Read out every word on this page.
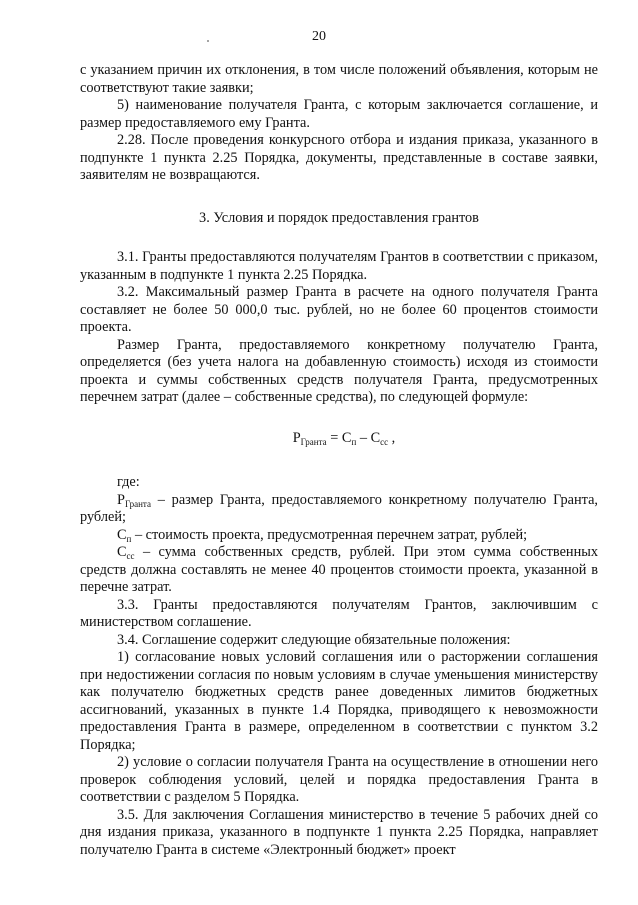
20

с указанием причин их отклонения, в том числе положений объявления, которым не соответствуют такие заявки;

5) наименование получателя Гранта, с которым заключается соглашение, и размер предоставляемого ему Гранта.

2.28. После проведения конкурсного отбора и издания приказа, указанного в подпункте 1 пункта 2.25 Порядка, документы, представленные в составе заявки, заявителям не возвращаются.

3. Условия и порядок предоставления грантов

3.1. Гранты предоставляются получателям Грантов в соответствии с приказом, указанным в подпункте 1 пункта 2.25 Порядка.

3.2. Максимальный размер Гранта в расчете на одного получателя Гранта составляет не более 50 000,0 тыс. рублей, но не более 60 процентов стоимости проекта.

Размер Гранта, предоставляемого конкретному получателю Гранта, определяется (без учета налога на добавленную стоимость) исходя из стоимости проекта и суммы собственных средств получателя Гранта, предусмотренных перечнем затрат (далее – собственные средства), по следующей формуле:

$Р_{Гранта} = С_п - С_{сс}$ ,

где:

$Р_{Гранта}$ – размер Гранта, предоставляемого конкретному получателю Гранта, рублей;

$С_п$ – стоимость проекта, предусмотренная перечнем затрат, рублей;

$С_{сс}$ – сумма собственных средств, рублей. При этом сумма собственных средств должна составлять не менее 40 процентов стоимости проекта, указанной в перечне затрат.

3.3. Гранты предоставляются получателям Грантов, заключившим с министерством соглашение.

3.4. Соглашение содержит следующие обязательные положения:

1) согласование новых условий соглашения или о расторжении соглашения при недостижении согласия по новым условиям в случае уменьшения министерству как получателю бюджетных средств ранее доведенных лимитов бюджетных ассигнований, указанных в пункте 1.4 Порядка, приводящего к невозможности предоставления Гранта в размере, определенном в соответствии с пунктом 3.2 Порядка;

2) условие о согласии получателя Гранта на осуществление в отношении него проверок соблюдения условий, целей и порядка предоставления Гранта в соответствии с разделом 5 Порядка.

3.5. Для заключения Соглашения министерство в течение 5 рабочих дней со дня издания приказа, указанного в подпункте 1 пункта 2.25 Порядка, направляет получателю Гранта в системе «Электронный бюджет» проект
